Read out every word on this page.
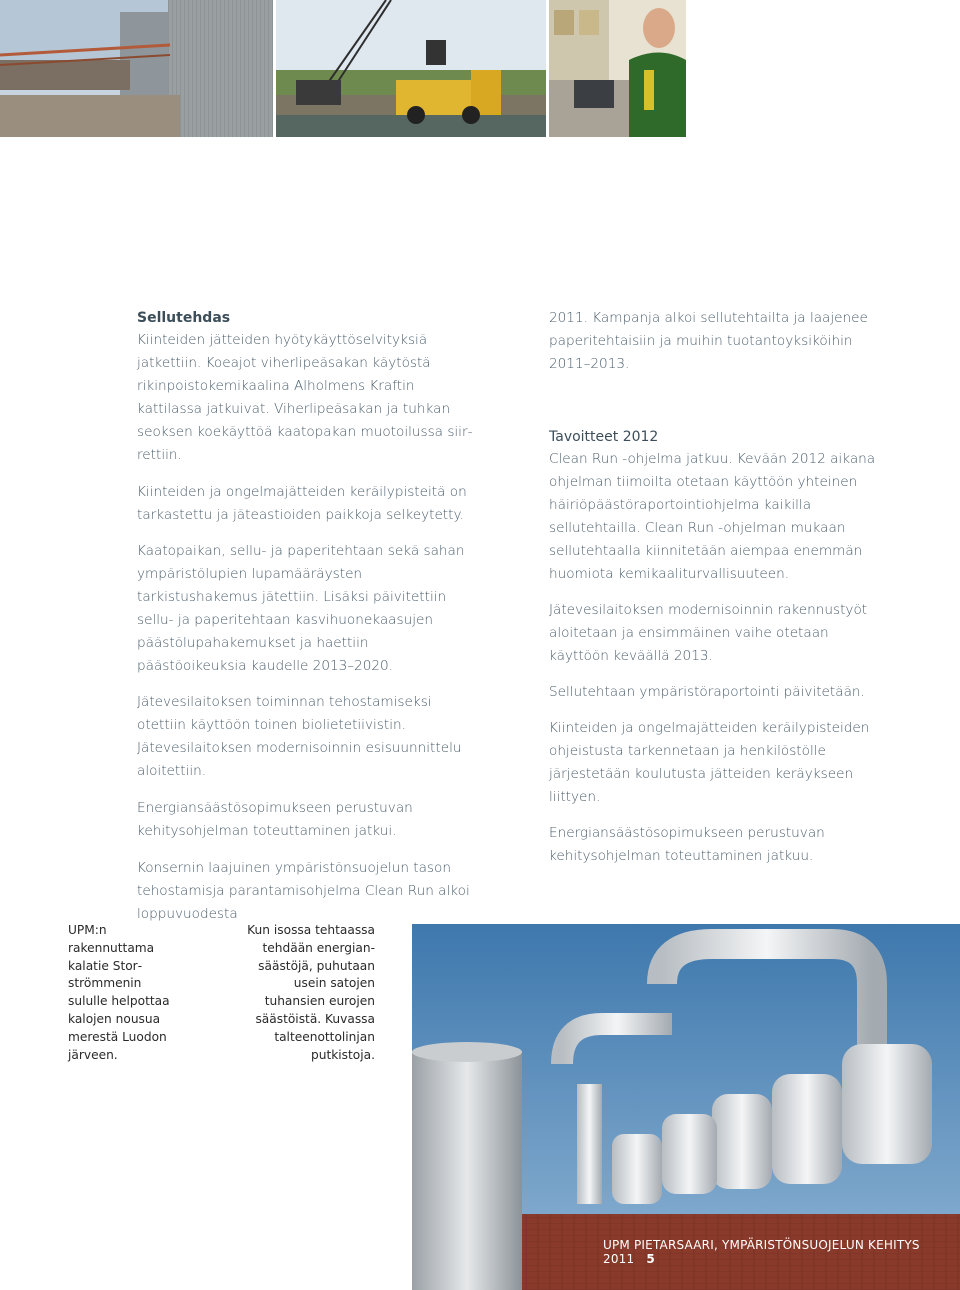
Sellutehdas

Kiinteiden jätteiden hyötykäyttöselvityksiä jatkettiin. Koeajot viherlipeäsakan käytöstä rikinpoistokemikaalina Alholmens Kraftin kattilassa jatkuivat. Viherlipeäsakan ja tuhkan seoksen koekäyttöä kaatopakan muotoilussa siirrettiin.

Kiinteiden ja ongelmajätteiden keräilypisteitä on tarkastettu ja jäteastioiden paikkoja selkeytetty.

Kaatopaikan, sellu- ja paperitehtaan sekä sahan ympäristölupien lupamääräysten tarkistushakemus jätettiin. Lisäksi päivitettiin sellu- ja paperitehtaan kasvihuonekaasujen päästölupahakemukset ja haettiin päästöoikeuksia kaudelle 2013–2020.

Jätevesilaitoksen toiminnan tehostamiseksi otettiin käyttöön toinen biolietetiivistin. Jätevesilaitoksen modernisoinnin esisuunnittelu aloitettiin.

Energiansäästösopimukseen perustuvan kehitysohjelman toteuttaminen jatkui.

Konsernin laajuinen ympäristönsuojelun tason tehostamisja parantamisohjelma Clean Run alkoi loppuvuodesta

2011. Kampanja alkoi sellutehtailta ja laajenee paperitehtaisiin ja muihin tuotantoyksiköihin 2011–2013.

Tavoitteet 2012

Clean Run -ohjelma jatkuu. Kevään 2012 aikana ohjelman tiimoilta otetaan käyttöön yhteinen häiriöpäästöraportointiohjelma kaikilla sellutehtailla. Clean Run -ohjelman mukaan sellutehtaalla kiinnitetään aiempaa enemmän huomiota kemikaaliturvallisuuteen.

Jätevesilaitoksen modernisoinnin rakennustyöt aloitetaan ja ensimmäinen vaihe otetaan käyttöön keväällä 2013.

Sellutehtaan ympäristöraportointi päivitetään.

Kiinteiden ja ongelmajätteiden keräilypisteiden ohjeistusta tarkennetaan ja henkilöstölle järjestetään koulutusta jätteiden keräykseen liittyen.

Energiansäästösopimukseen perustuvan kehitysohjelman toteuttaminen jatkuu.

UPM:n rakennuttama kalatie Storströmmenin sululle helpottaa kalojen nousua merestä Luodon järveen.
Kun isossa tehtaassa tehdään energiansäästöjä, puhutaan usein satojen tuhansien eurojen säästöistä. Kuvassa talteenottolinjan putkistoja.
UPM PIETARSAARI, YMPÄRISTÖNSUOJELUN KEHITYS 2011 5
